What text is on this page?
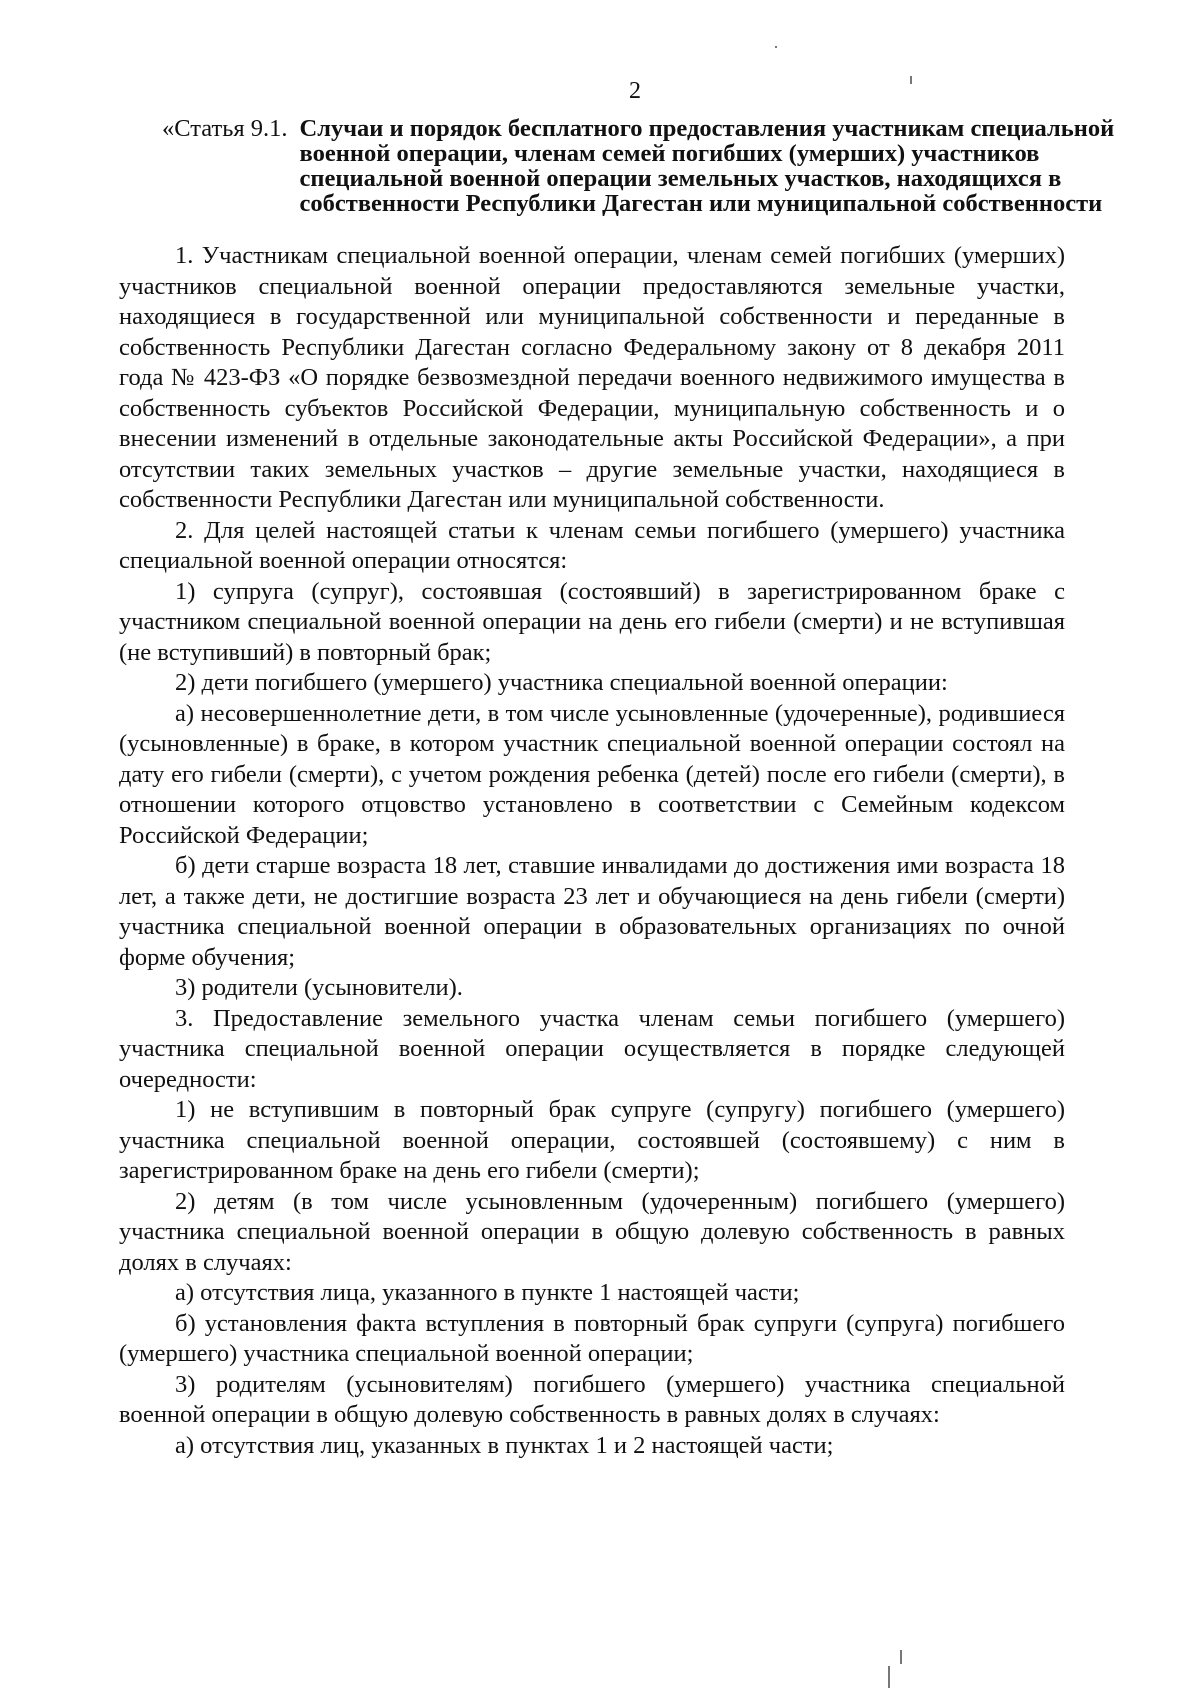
2
«Статья 9.1. Случаи и порядок бесплатного предоставления участникам специальной военной операции, членам семей погибших (умерших) участников специальной военной операции земельных участков, находящихся в собственности Республики Дагестан или муниципальной собственности

1. Участникам специальной военной операции, членам семей погибших (умерших) участников специальной военной операции предоставляются земельные участки, находящиеся в государственной или муниципальной собственности и переданные в собственность Республики Дагестан согласно Федеральному закону от 8 декабря 2011 года № 423-ФЗ «О порядке безвозмездной передачи военного недвижимого имущества в собственность субъектов Российской Федерации, муниципальную собственность и о внесении изменений в отдельные законодательные акты Российской Федерации», а при отсутствии таких земельных участков – другие земельные участки, находящиеся в собственности Республики Дагестан или муниципальной собственности.

2. Для целей настоящей статьи к членам семьи погибшего (умершего) участника специальной военной операции относятся:

1) супруга (супруг), состоявшая (состоявший) в зарегистрированном браке с участником специальной военной операции на день его гибели (смерти) и не вступившая (не вступивший) в повторный брак;

2) дети погибшего (умершего) участника специальной военной операции:

а) несовершеннолетние дети, в том числе усыновленные (удочеренные), родившиеся (усыновленные) в браке, в котором участник специальной военной операции состоял на дату его гибели (смерти), с учетом рождения ребенка (детей) после его гибели (смерти), в отношении которого отцовство установлено в соответствии с Семейным кодексом Российской Федерации;

б) дети старше возраста 18 лет, ставшие инвалидами до достижения ими возраста 18 лет, а также дети, не достигшие возраста 23 лет и обучающиеся на день гибели (смерти) участника специальной военной операции в образовательных организациях по очной форме обучения;

3) родители (усыновители).

3. Предоставление земельного участка членам семьи погибшего (умершего) участника специальной военной операции осуществляется в порядке следующей очередности:

1) не вступившим в повторный брак супруге (супругу) погибшего (умершего) участника специальной военной операции, состоявшей (состоявшему) с ним в зарегистрированном браке на день его гибели (смерти);

2) детям (в том числе усыновленным (удочеренным) погибшего (умершего) участника специальной военной операции в общую долевую собственность в равных долях в случаях:

а) отсутствия лица, указанного в пункте 1 настоящей части;

б) установления факта вступления в повторный брак супруги (супруга) погибшего (умершего) участника специальной военной операции;

3) родителям (усыновителям) погибшего (умершего) участника специальной военной операции в общую долевую собственность в равных долях в случаях:

а) отсутствия лиц, указанных в пунктах 1 и 2 настоящей части;
